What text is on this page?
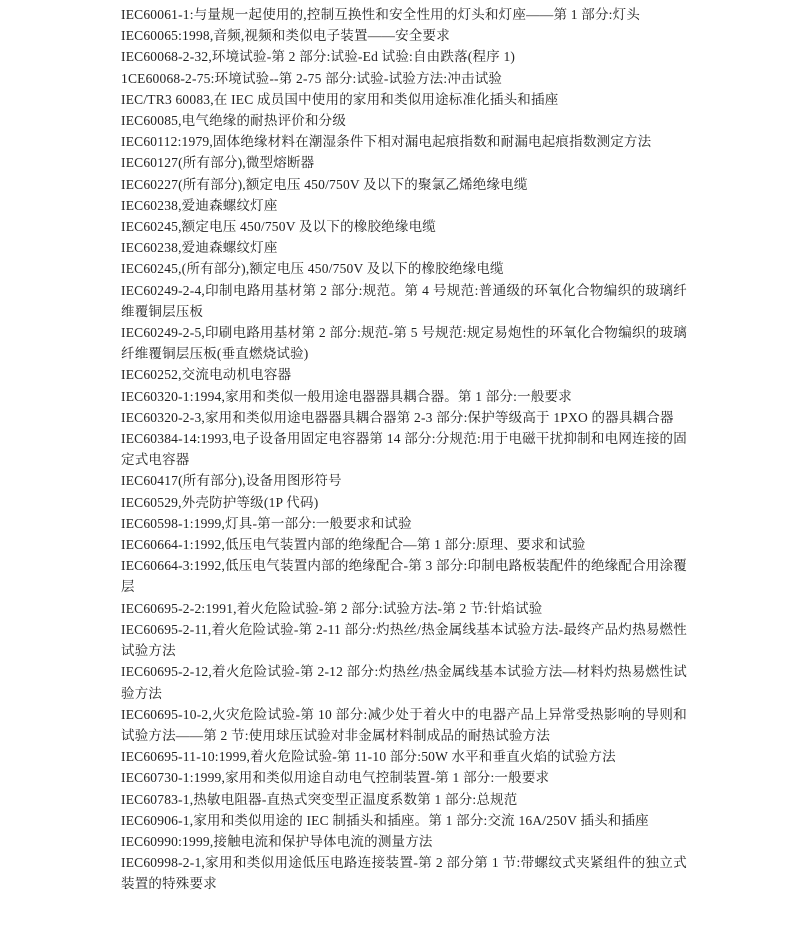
IEC60061-1:与量规一起使用的,控制互换性和安全性用的灯头和灯座——第 1 部分:灯头

IEC60065:1998,音频,视频和类似电子装置——安全要求

IEC60068-2-32,环境试验-第 2 部分:试验-Ed 试验:自由跌落(程序 1)

1CE60068-2-75:环境试验--第 2-75 部分:试验-试验方法:冲击试验

IEC/TR3 60083,在 IEC 成员国中使用的家用和类似用途标准化插头和插座

IEC60085,电气绝缘的耐热评价和分级

IEC60112:1979,固体绝缘材料在潮湿条件下相对漏电起痕指数和耐漏电起痕指数测定方法

IEC60127(所有部分),微型熔断器

IEC60227(所有部分),额定电压 450/750V 及以下的聚氯乙烯绝缘电缆

IEC60238,爱迪森螺纹灯座

IEC60245,额定电压 450/750V 及以下的橡胶绝缘电缆

IEC60238,爱迪森螺纹灯座

IEC60245,(所有部分),额定电压 450/750V 及以下的橡胶绝缘电缆

IEC60249-2-4,印制电路用基材第 2 部分:规范。第 4 号规范:普通级的环氧化合物编织的玻璃纤维覆铜层压板

IEC60249-2-5,印刷电路用基材第 2 部分:规范-第 5 号规范:规定易炮性的环氧化合物编织的玻璃纤维覆铜层压板(垂直燃烧试验)

IEC60252,交流电动机电容器

IEC60320-1:1994,家用和类似一般用途电器器具耦合器。第 1 部分:一般要求

IEC60320-2-3,家用和类似用途电器器具耦合器第 2-3 部分:保护等级高于 1PXO 的器具耦合器

IEC60384-14:1993,电子设备用固定电容器第 14 部分:分规范:用于电磁干扰抑制和电网连接的固定式电容器

IEC60417(所有部分),设备用图形符号

IEC60529,外壳防护等级(1P 代码)

IEC60598-1:1999,灯具-第一部分:一般要求和试验

IEC60664-1:1992,低压电气装置内部的绝缘配合—第 1 部分:原理、要求和试验

IEC60664-3:1992,低压电气装置内部的绝缘配合-第 3 部分:印制电路板装配件的绝缘配合用涂覆层

IEC60695-2-2:1991,着火危险试验-第 2 部分:试验方法-第 2 节:针焰试验

IEC60695-2-11,着火危险试验-第 2-11 部分:灼热丝/热金属线基本试验方法-最终产品灼热易燃性试验方法

IEC60695-2-12,着火危险试验-第 2-12 部分:灼热丝/热金属线基本试验方法—材料灼热易燃性试验方法

IEC60695-10-2,火灾危险试验-第 10 部分:减少处于着火中的电器产品上异常受热影响的导则和试验方法——第 2 节:使用球压试验对非金属材料制成品的耐热试验方法

IEC60695-11-10:1999,着火危险试验-第 11-10 部分:50W 水平和垂直火焰的试验方法

IEC60730-1:1999,家用和类似用途自动电气控制装置-第 1 部分:一般要求

IEC60783-1,热敏电阻器-直热式突变型正温度系数第 1 部分:总规范

IEC60906-1,家用和类似用途的 IEC 制插头和插座。第 1 部分:交流 16A/250V 插头和插座

IEC60990:1999,接触电流和保护导体电流的测量方法

IEC60998-2-1,家用和类似用途低压电路连接装置-第 2 部分第 1 节:带螺纹式夹紧组件的独立式装置的特殊要求
